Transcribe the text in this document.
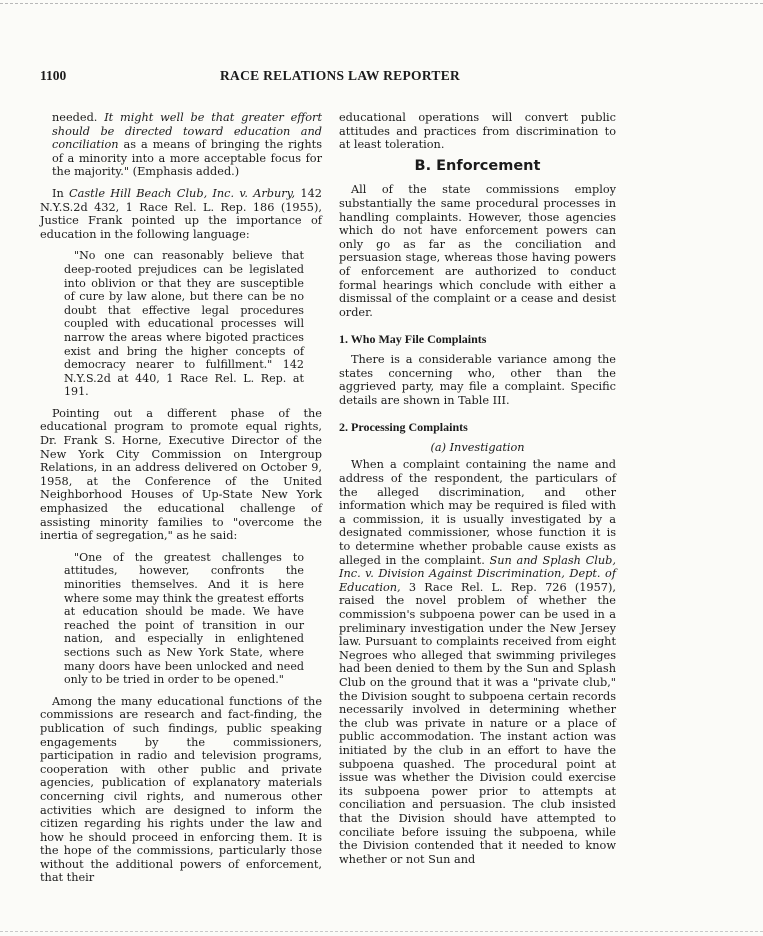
1100	RACE RELATIONS LAW REPORTER

needed. It might well be that greater effort should be directed toward education and conciliation as a means of bringing the rights of a minority into a more acceptable focus for the majority." (Emphasis added.)

In Castle Hill Beach Club, Inc. v. Arbury, 142 N.Y.S.2d 432, 1 Race Rel. L. Rep. 186 (1955), Justice Frank pointed up the importance of education in the following language:

"No one can reasonably believe that deep-rooted prejudices can be legislated into oblivion or that they are susceptible of cure by law alone, but there can be no doubt that effective legal procedures coupled with educational processes will narrow the areas where bigoted practices exist and bring the higher concepts of democracy nearer to fulfillment." 142 N.Y.S.2d at 440, 1 Race Rel. L. Rep. at 191.

Pointing out a different phase of the educational program to promote equal rights, Dr. Frank S. Horne, Executive Director of the New York City Commission on Intergroup Relations, in an address delivered on October 9, 1958, at the Conference of the United Neighborhood Houses of Up-State New York emphasized the educational challenge of assisting minority families to "overcome the inertia of segregation," as he said:

"One of the greatest challenges to attitudes, however, confronts the minorities themselves. And it is here where some may think the greatest efforts at education should be made. We have reached the point of transition in our nation, and especially in enlightened sections such as New York State, where many doors have been unlocked and need only to be tried in order to be opened."

Among the many educational functions of the commissions are research and fact-finding, the publication of such findings, public speaking engagements by the commissioners, participation in radio and television programs, cooperation with other public and private agencies, publication of explanatory materials concerning civil rights, and numerous other activities which are designed to inform the citizen regarding his rights under the law and how he should proceed in enforcing them. It is the hope of the commissions, particularly those without the additional powers of enforcement, that their

educational operations will convert public attitudes and practices from discrimination to at least toleration.

B. Enforcement

All of the state commissions employ substantially the same procedural processes in handling complaints. However, those agencies which do not have enforcement powers can only go as far as the conciliation and persuasion stage, whereas those having powers of enforcement are authorized to conduct formal hearings which conclude with either a dismissal of the complaint or a cease and desist order.

1. Who May File Complaints

There is a considerable variance among the states concerning who, other than the aggrieved party, may file a complaint. Specific details are shown in Table III.

2. Processing Complaints
(a) Investigation

When a complaint containing the name and address of the respondent, the particulars of the alleged discrimination, and other information which may be required is filed with a commission, it is usually investigated by a designated commissioner, whose function it is to determine whether probable cause exists as alleged in the complaint. Sun and Splash Club, Inc. v. Division Against Discrimination, Dept. of Education, 3 Race Rel. L. Rep. 726 (1957), raised the novel problem of whether the commission's subpoena power can be used in a preliminary investigation under the New Jersey law. Pursuant to complaints received from eight Negroes who alleged that swimming privileges had been denied to them by the Sun and Splash Club on the ground that it was a "private club," the Division sought to subpoena certain records necessarily involved in determining whether the club was private in nature or a place of public accommodation. The instant action was initiated by the club in an effort to have the subpoena quashed. The procedural point at issue was whether the Division could exercise its subpoena power prior to attempts at conciliation and persuasion. The club insisted that the Division should have attempted to conciliate before issuing the subpoena, while the Division contended that it needed to know whether or not Sun and
